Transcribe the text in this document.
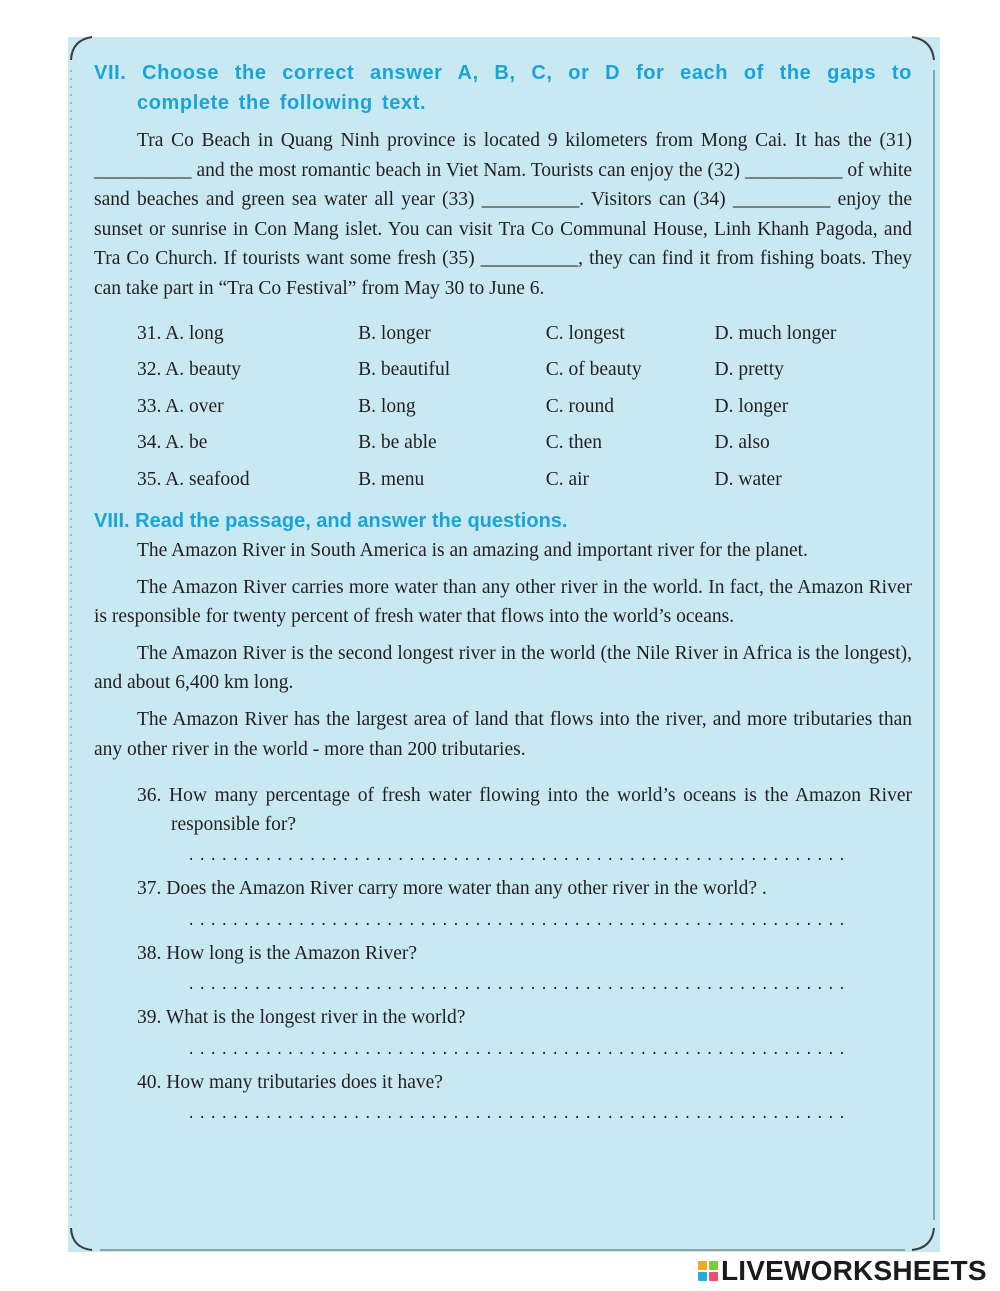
VII. Choose the correct answer A, B, C, or D for each of the gaps to complete the following text.

Tra Co Beach in Quang Ninh province is located 9 kilometers from Mong Cai. It has the (31) __________ and the most romantic beach in Viet Nam. Tourists can enjoy the (32) __________ of white sand beaches and green sea water all year (33) __________. Visitors can (34) __________ enjoy the sunset or sunrise in Con Mang islet. You can visit Tra Co Communal House, Linh Khanh Pagoda, and Tra Co Church. If tourists want some fresh (35) __________, they can find it from fishing boats. They can take part in “Tra Co Festival” from May 30 to June 6.

31. A. long	B. longer	C. longest	D. much longer
32. A. beauty	B. beautiful	C. of beauty	D. pretty
33. A. over	B. long	C. round	D. longer
34. A. be	B. be able	C. then	D. also
35. A. seafood	B. menu	C. air	D. water

VIII. Read the passage, and answer the questions.

The Amazon River in South America is an amazing and important river for the planet.

The Amazon River carries more water than any other river in the world. In fact, the Amazon River is responsible for twenty percent of fresh water that flows into the world’s oceans.

The Amazon River is the second longest river in the world (the Nile River in Africa is the longest), and about 6,400 km long.

The Amazon River has the largest area of land that flows into the river, and more tributaries than any other river in the world - more than 200 tributaries.

36. How many percentage of fresh water flowing into the world’s oceans is the Amazon River responsible for?
............................................................
37. Does the Amazon River carry more water than any other river in the world? .
............................................................
38. How long is the Amazon River?
............................................................
39. What is the longest river in the world?
............................................................
40. How many tributaries does it have?
............................................................
LIVEWORKSHEETS
